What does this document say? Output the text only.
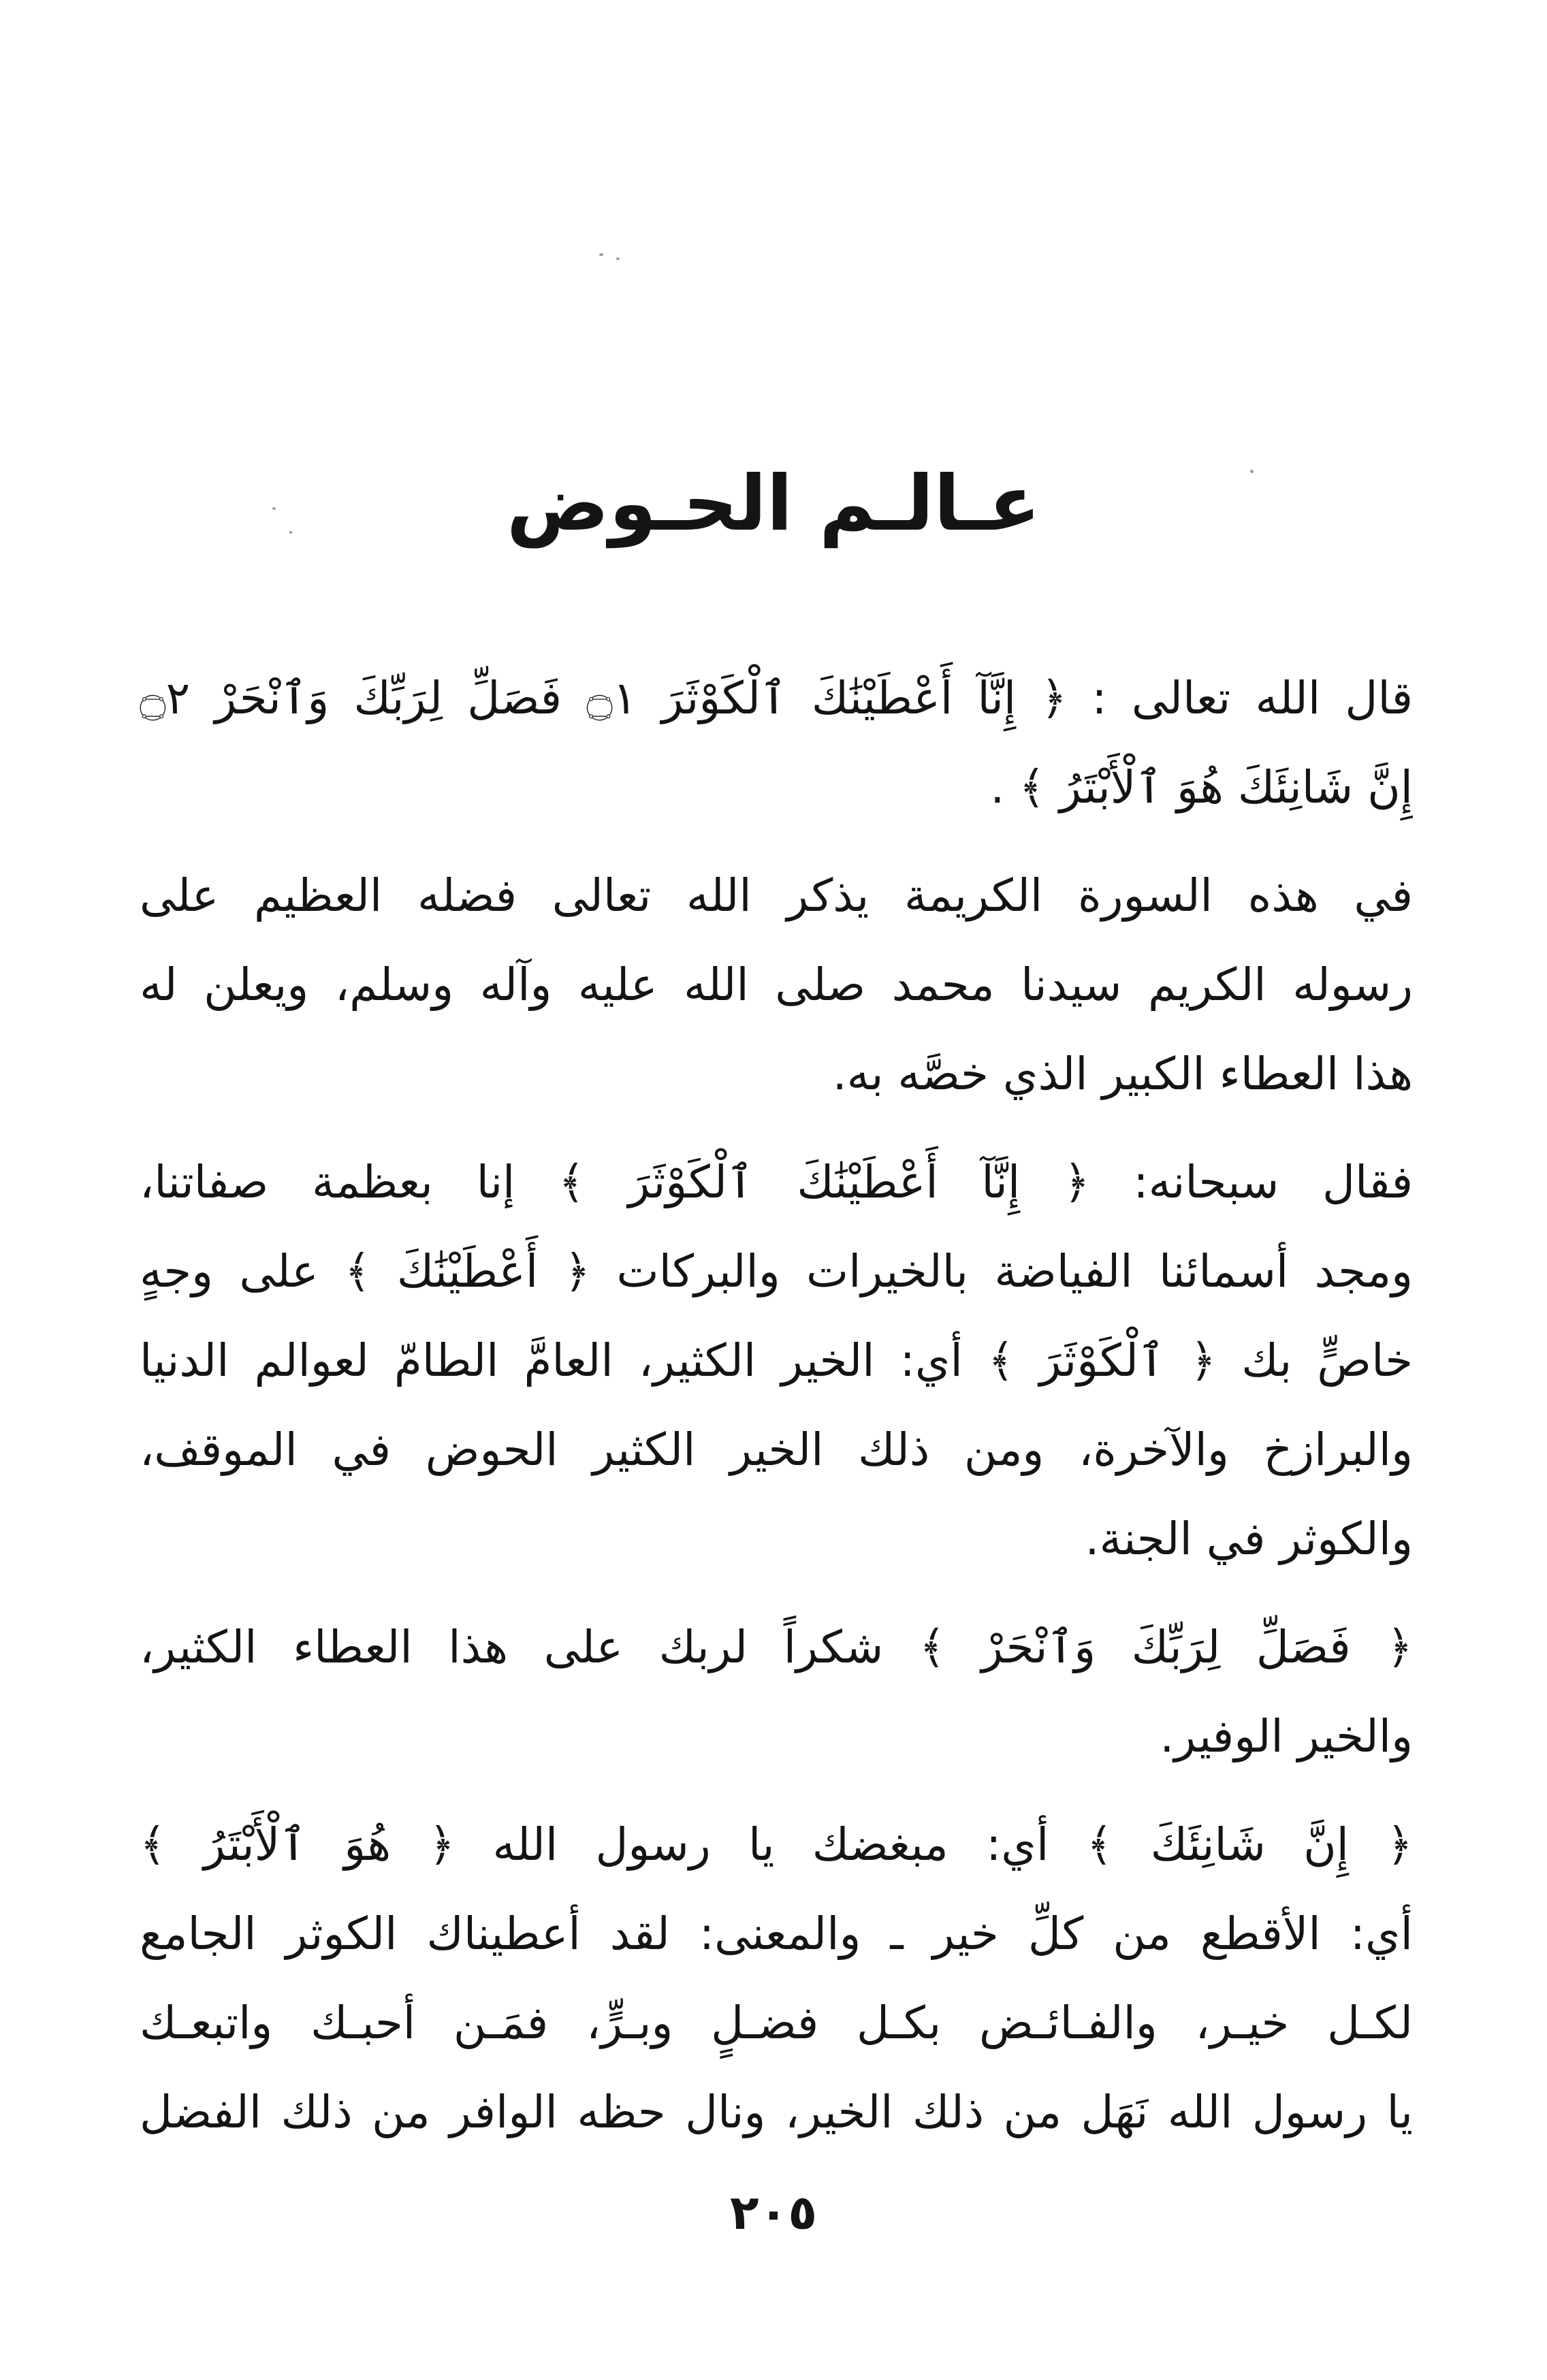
عـالـم الحـوض

قال الله تعالى : ﴿ إِنَّآ أَعْطَيْنَٰكَ ٱلْكَوْثَرَ ۝١ فَصَلِّ لِرَبِّكَ وَٱنْحَرْ ۝٢
إِنَّ شَانِئَكَ هُوَ ٱلْأَبْتَرُ ﴾ .

في هذه السورة الكريمة يذكر الله تعالى فضله العظيم على
رسوله الكريم سيدنا محمد صلى الله عليه وآله وسلم، ويعلن له
هذا العطاء الكبير الذي خصَّه به.

فقال سبحانه: ﴿ إِنَّآ أَعْطَيْنَٰكَ ٱلْكَوْثَرَ ﴾ إنا بعظمة صفاتنا،
ومجد أسمائنا الفياضة بالخيرات والبركات ﴿ أَعْطَيْنَٰكَ ﴾ على وجهٍ
خاصٍّ بك ﴿ ٱلْكَوْثَرَ ﴾ أي: الخير الكثير، العامَّ الطامّ لعوالم الدنيا
والبرازخ والآخرة، ومن ذلك الخير الكثير الحوض في الموقف،
والكوثر في الجنة.

﴿ فَصَلِّ لِرَبِّكَ وَٱنْحَرْ ﴾ شكراً لربك على هذا العطاء الكثير،
والخير الوفير.

﴿ إِنَّ شَانِئَكَ ﴾ أي: مبغضك يا رسول الله ﴿ هُوَ ٱلْأَبْتَرُ ﴾
أي: الأقطع من كلِّ خير ـ والمعنى: لقد أعطيناك الكوثر الجامع
لكـل خيـر، والفـائـض بكـل فضـلٍ وبـرٍّ، فمَـن أحبـك واتبعـك
يا رسول الله نَهَل من ذلك الخير، ونال حظه الوافر من ذلك الفضل

٢٠٥
